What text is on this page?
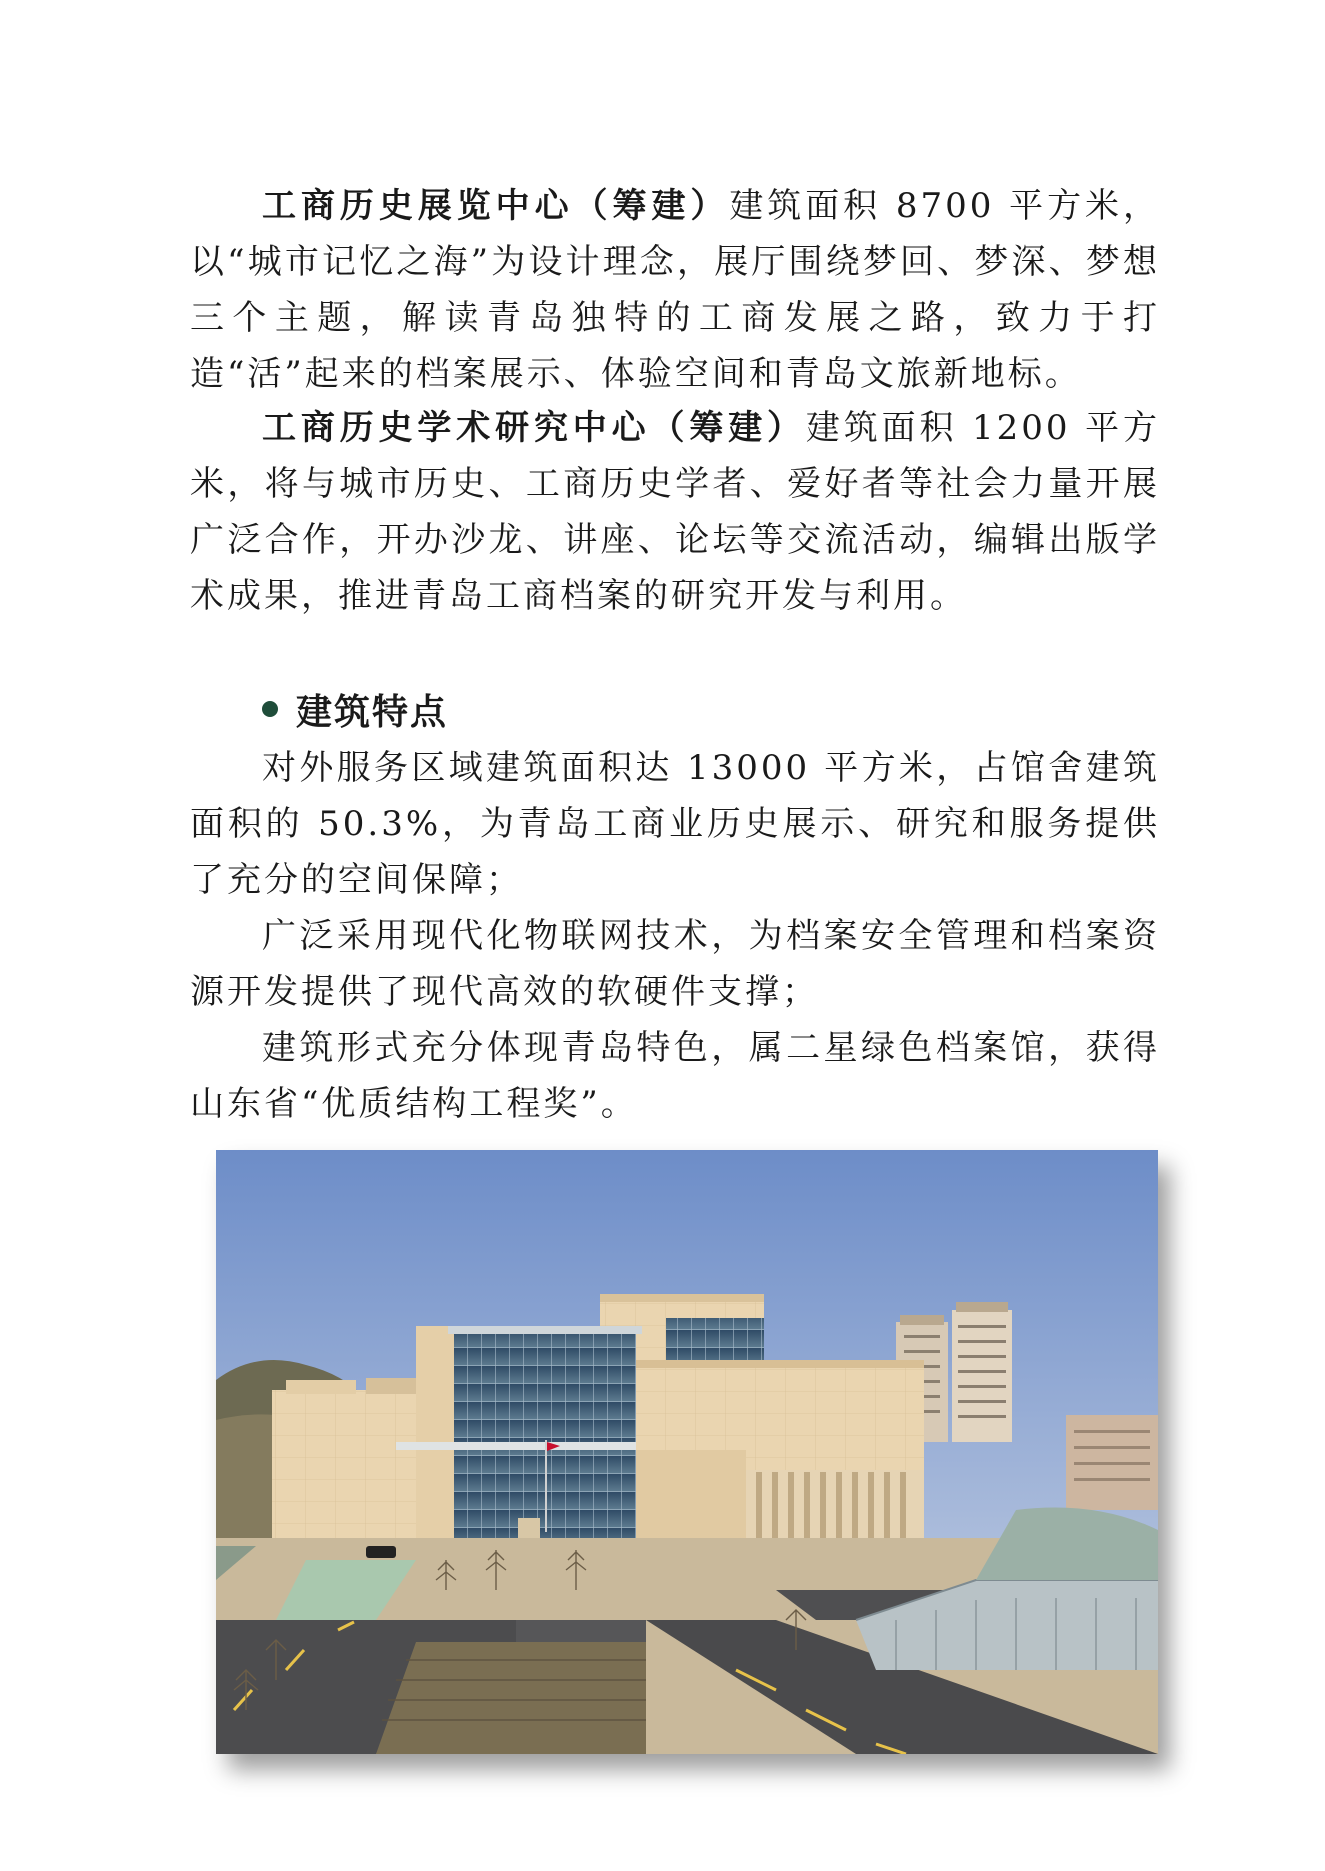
工商历史展览中心（筹建）建筑面积 8700 平方米，以“城市记忆之海”为设计理念，展厅围绕梦回、梦深、梦想三个主题，解读青岛独特的工商发展之路，致力于打造“活”起来的档案展示、体验空间和青岛文旅新地标。

工商历史学术研究中心（筹建）建筑面积 1200 平方米，将与城市历史、工商历史学者、爱好者等社会力量开展广泛合作，开办沙龙、讲座、论坛等交流活动，编辑出版学术成果，推进青岛工商档案的研究开发与利用。

建筑特点

对外服务区域建筑面积达 13000 平方米，占馆舍建筑面积的 50.3%，为青岛工商业历史展示、研究和服务提供了充分的空间保障；

广泛采用现代化物联网技术，为档案安全管理和档案资源开发提供了现代高效的软硬件支撑；

建筑形式充分体现青岛特色，属二星绿色档案馆，获得山东省“优质结构工程奖”。
